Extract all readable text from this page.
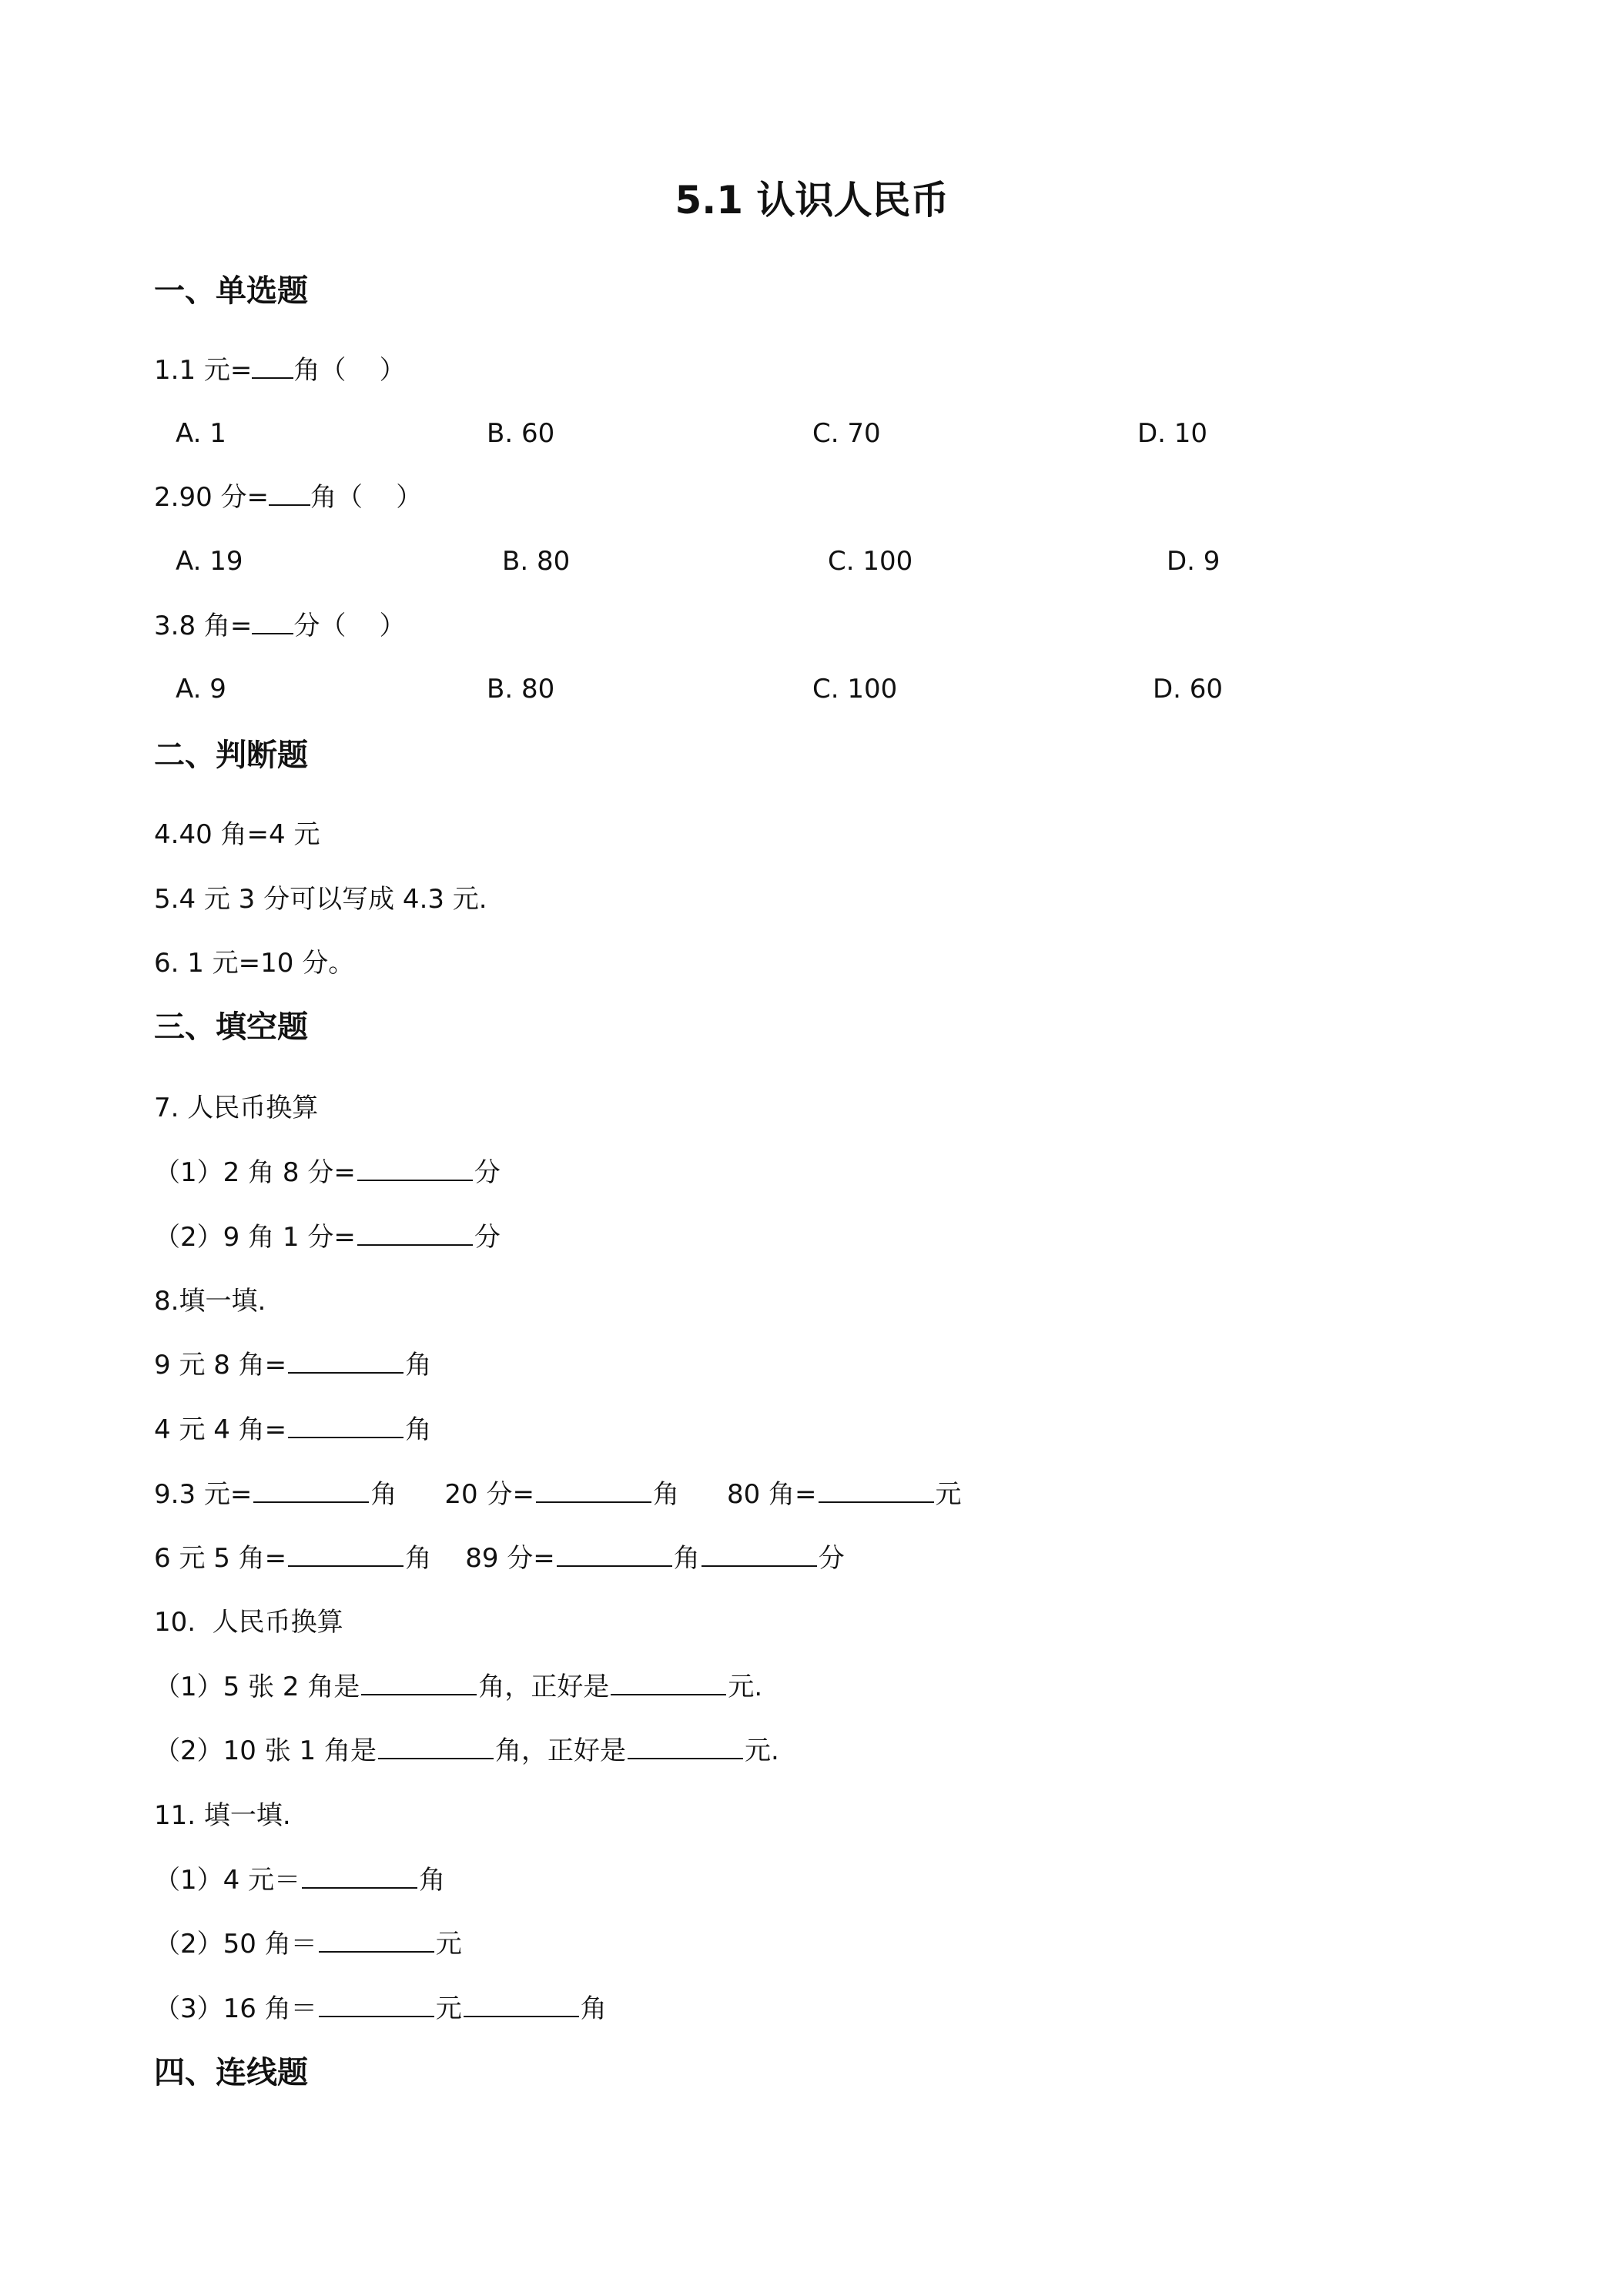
5.1 认识人民币
一、单选题
1.1 元= 角（    ）
A. 1	B. 60	C. 70	D. 10
2.90 分= 角（    ）
A. 19	B. 80	C. 100	D. 9
3.8 角= 分（    ）
A. 9	B. 80	C. 100	D. 60
二、判断题
4.40 角=4 元
5.4 元 3 分可以写成 4.3 元.
6. 1 元=10 分。
三、填空题
7. 人民币换算
（1）2 角 8 分=	分
（2）9 角 1 分=	分
8.填一填.
9 元 8 角=	角
4 元 4 角=	角
9.3 元=	角 20 分=	角 80 角=	元
6 元 5 角=	角 89 分=	角	分
10.  人民币换算
（1）5 张 2 角是	角，正好是	元.
（2）10 张 1 角是	角，正好是	元.
11. 填一填.
（1）4 元＝	角
（2）50 角＝	元
（3）16 角＝	元	角
四、连线题
